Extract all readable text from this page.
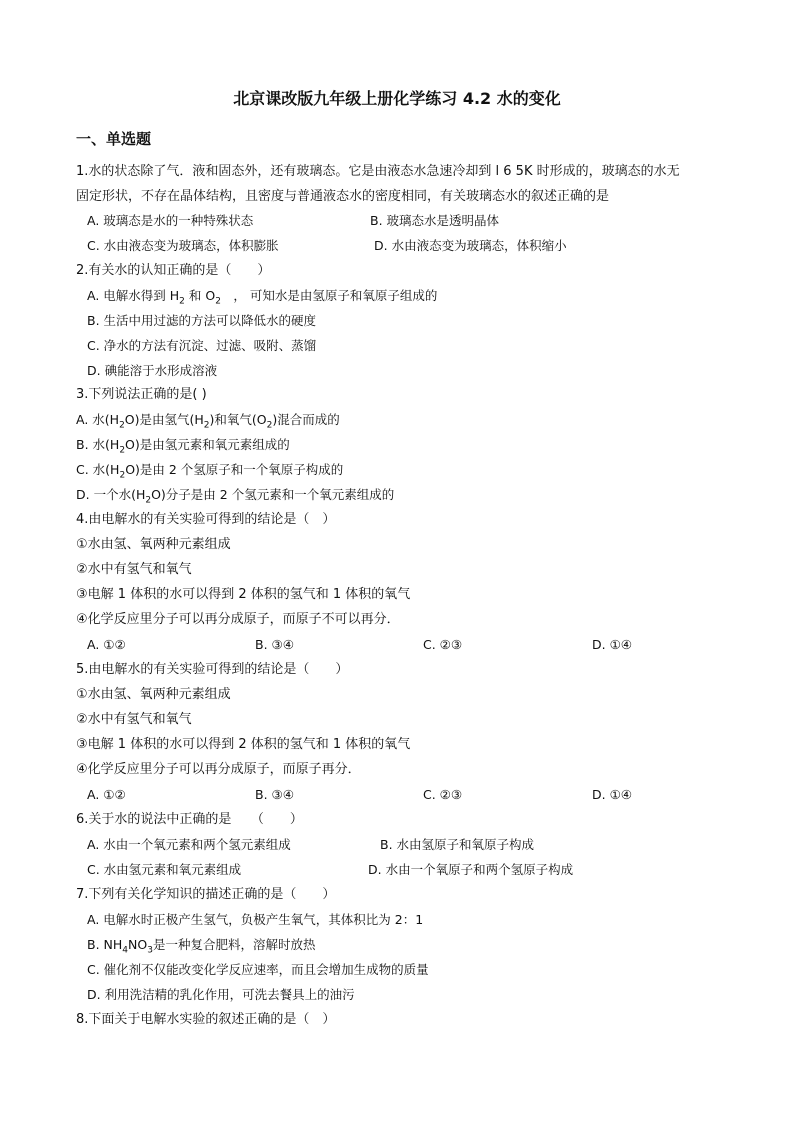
北京课改版九年级上册化学练习 4.2 水的变化
一、单选题
1.水的状态除了气．液和固态外，还有玻璃态。它是由液态水急速冷却到 l 6 5K 时形成的，玻璃态的水无
固定形状，不存在晶体结构，且密度与普通液态水的密度相同，有关玻璃态水的叙述正确的是
A. 玻璃态是水的一种特殊状态	B. 玻璃态水是透明晶体
C. 水由液态变为玻璃态，体积膨胀	D. 水由液态变为玻璃态，体积缩小
2.有关水的认知正确的是（　　）
A. 电解水得到 $H_2$ 和 $O_2$　， 可知水是由氢原子和氧原子组成的
B. 生活中用过滤的方法可以降低水的硬度
C. 净水的方法有沉淀、过滤、吸附、蒸馏
D. 碘能溶于水形成溶液
3.下列说法正确的是( )
A. 水$(H_2O)$是由氢气$(H_2)$和氧气$(O_2)$混合而成的
B. 水$(H_2O)$是由氢元素和氧元素组成的
C. 水$(H_2O)$是由 2 个氢原子和一个氧原子构成的
D. 一个水$(H_2O)$分子是由 2 个氢元素和一个氧元素组成的
4.由电解水的有关实验可得到的结论是（　）
①水由氢、氧两种元素组成
②水中有氢气和氧气
③电解 1 体积的水可以得到 2 体积的氢气和 1 体积的氧气
④化学反应里分子可以再分成原子，而原子不可以再分．
A. ①②	B. ③④	C. ②③	D. ①④
5.由电解水的有关实验可得到的结论是（　　）
①水由氢、氧两种元素组成
②水中有氢气和氧气
③电解 1 体积的水可以得到 2 体积的氢气和 1 体积的氧气
④化学反应里分子可以再分成原子，而原子再分．
A. ①②	B. ③④	C. ②③	D. ①④
6.关于水的说法中正确的是　　（　　）
A. 水由一个氧元素和两个氢元素组成	B. 水由氢原子和氧原子构成
C. 水由氢元素和氧元素组成	D. 水由一个氧原子和两个氢原子构成
7.下列有关化学知识的描述正确的是（　　）
A. 电解水时正极产生氢气，负极产生氧气，其体积比为 2：1
B. $NH_4NO_3$是一种复合肥料，溶解时放热
C. 催化剂不仅能改变化学反应速率，而且会增加生成物的质量
D. 利用洗洁精的乳化作用，可洗去餐具上的油污
8.下面关于电解水实验的叙述正确的是（　）
